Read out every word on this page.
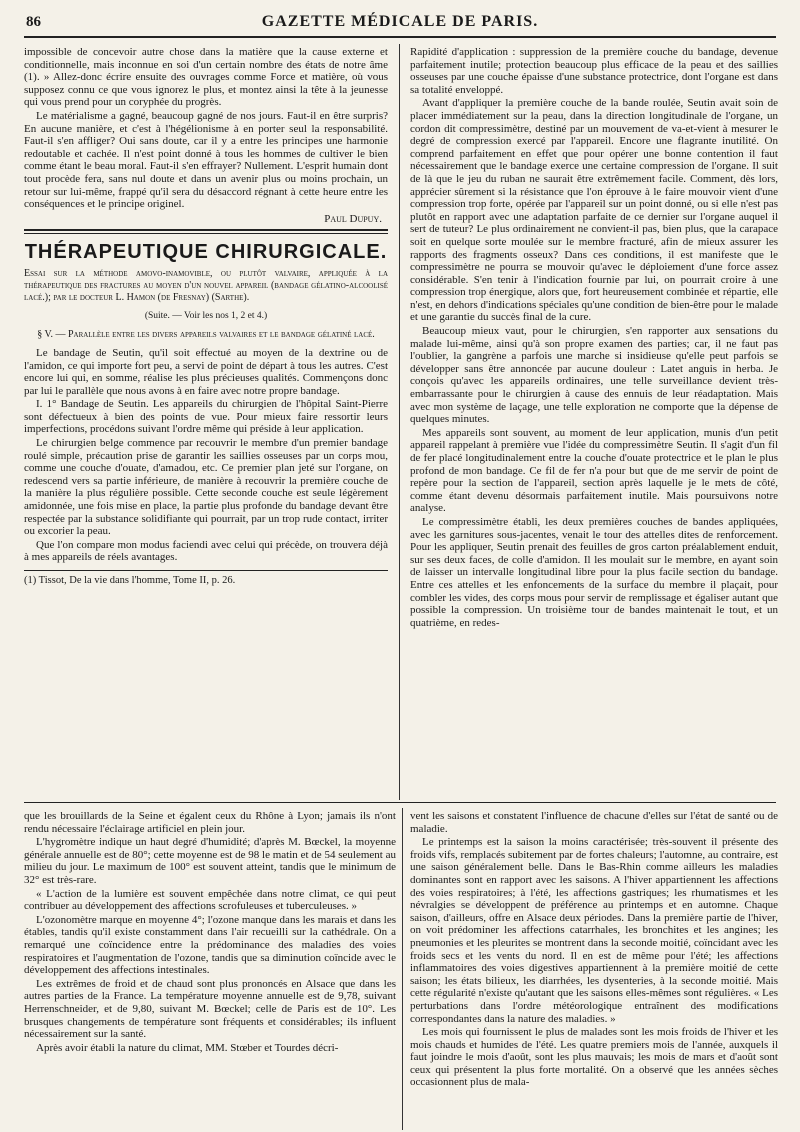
86	GAZETTE MÉDICALE DE PARIS.

impossible de concevoir autre chose dans la matière que la cause externe et conditionnelle, mais inconnue en soi d'un certain nombre des états de notre âme (1). » Allez-donc écrire ensuite des ouvrages comme Force et matière, où vous supposez connu ce que vous ignorez le plus, et montez ainsi la tête à la jeunesse qui vous prend pour un coryphée du progrès.

Le matérialisme a gagné, beaucoup gagné de nos jours. Faut-il en être surpris? En aucune manière, et c'est à l'hégélionisme à en porter seul la responsabilité. Faut-il s'en affliger? Oui sans doute, car il y a entre les principes une harmonie redoutable et cachée. Il n'est point donné à tous les hommes de cultiver le bien comme étant le beau moral. Faut-il s'en effrayer? Nullement. L'esprit humain dont tout procède fera, sans nul doute et dans un avenir plus ou moins prochain, un retour sur lui-même, frappé qu'il sera du désaccord régnant à cette heure entre les conséquences et le principe originel.

Paul Dupuy.
THÉRAPEUTIQUE CHIRURGICALE.
Essai sur la méthode amovo-inamovible, ou plutôt valvaire, appliquée à la thérapeutique des fractures au moyen d'un nouvel appareil (bandage gélatino-alcoolisé lacé.); par le docteur L. Hamon (de Fresnay) (Sarthe).
(Suite. — Voir les nos 1, 2 et 4.)
§ V. — Parallèle entre les divers appareils valvaires et le bandage gélatiné lacé.

Le bandage de Seutin, qu'il soit effectué au moyen de la dextrine ou de l'amidon, ce qui importe fort peu, a servi de point de départ à tous les autres. C'est encore lui qui, en somme, réalise les plus précieuses qualités. Commençons donc par lui le parallèle que nous avons à en faire avec notre propre bandage.

I. 1° Bandage de Seutin. Les appareils du chirurgien de l'hôpital Saint-Pierre sont défectueux à bien des points de vue. Pour mieux faire ressortir leurs imperfections, procédons suivant l'ordre même qui préside à leur application.

Le chirurgien belge commence par recouvrir le membre d'un premier bandage roulé simple, précaution prise de garantir les saillies osseuses par un corps mou, comme une couche d'ouate, d'amadou, etc. Ce premier plan jeté sur l'organe, on redescend vers sa partie inférieure, de manière à recouvrir la première couche de la manière la plus régulière possible. Cette seconde couche est seule légèrement amidonnée, une fois mise en place, la partie plus profonde du bandage devant être respectée par la substance solidifiante qui pourrait, par un trop rude contact, irriter ou excorier la peau.

Que l'on compare mon modus faciendi avec celui qui précède, on trouvera déjà à mes appareils de réels avantages.

(1) Tissot, De la vie dans l'homme, Tome II, p. 26.

Rapidité d'application : suppression de la première couche du bandage, devenue parfaitement inutile; protection beaucoup plus efficace de la peau et des saillies osseuses par une couche épaisse d'une substance protectrice, dont l'organe est dans sa totalité enveloppé.

Avant d'appliquer la première couche de la bande roulée, Seutin avait soin de placer immédiatement sur la peau, dans la direction longitudinale de l'organe, un cordon dit compressimètre, destiné par un mouvement de va-et-vient à mesurer le degré de compression exercé par l'appareil. Encore une flagrante inutilité. On comprend parfaitement en effet que pour opérer une bonne contention il faut nécessairement que le bandage exerce une certaine compression de l'organe. Il suit de là que le jeu du ruban ne saurait être extrêmement facile. Comment, dès lors, apprécier sûrement si la résistance que l'on éprouve à le faire mouvoir vient d'une compression trop forte, opérée par l'appareil sur un point donné, ou si elle n'est pas plutôt en rapport avec une adaptation parfaite de ce dernier sur l'organe auquel il sert de tuteur? Le plus ordinairement ne convient-il pas, bien plus, que la carapace soit en quelque sorte moulée sur le membre fracturé, afin de mieux assurer les rapports des fragments osseux? Dans ces conditions, il est manifeste que le compressimètre ne pourra se mouvoir qu'avec le déploiement d'une force assez considérable. S'en tenir à l'indication fournie par lui, on pourrait croire à une compression trop énergique, alors que, fort heureusement combinée et répartie, elle n'est, en dehors d'indications spéciales qu'une condition de bien-être pour le malade et une garantie du succès final de la cure.

Beaucoup mieux vaut, pour le chirurgien, s'en rapporter aux sensations du malade lui-même, ainsi qu'à son propre examen des parties; car, il ne faut pas l'oublier, la gangrène a parfois une marche si insidieuse qu'elle peut parfois se développer sans être annoncée par aucune douleur : Latet anguis in herba. Je conçois qu'avec les appareils ordinaires, une telle surveillance devient très-embarrassante pour le chirurgien à cause des ennuis de leur réadaptation. Mais avec mon système de laçage, une telle exploration ne comporte que la dépense de quelques minutes.

Mes appareils sont souvent, au moment de leur application, munis d'un petit appareil rappelant à première vue l'idée du compressimètre Seutin. Il s'agit d'un fil de fer placé longitudinalement entre la couche d'ouate protectrice et le plan le plus profond de mon bandage. Ce fil de fer n'a pour but que de me servir de point de repère pour la section de l'appareil, section après laquelle je le mets de côté, comme étant devenu désormais parfaitement inutile. Mais poursuivons notre analyse.

Le compressimètre établi, les deux premières couches de bandes appliquées, avec les garnitures sous-jacentes, venait le tour des attelles dites de renforcement. Pour les appliquer, Seutin prenait des feuilles de gros carton préalablement enduit, sur ses deux faces, de colle d'amidon. Il les moulait sur le membre, en ayant soin de laisser un intervalle longitudinal libre pour la plus facile section du bandage. Entre ces attelles et les enfoncements de la surface du membre il plaçait, pour combler les vides, des corps mous pour servir de remplissage et égaliser autant que possible la compression. Un troisième tour de bandes maintenait le tout, et un quatrième, en redes-

que les brouillards de la Seine et égalent ceux du Rhône à Lyon; jamais ils n'ont rendu nécessaire l'éclairage artificiel en plein jour.

L'hygromètre indique un haut degré d'humidité; d'après M. Bœckel, la moyenne générale annuelle est de 80°; cette moyenne est de 98 le matin et de 54 seulement au milieu du jour. Le maximum de 100° est souvent atteint, tandis que le minimum de 32° est très-rare.

« L'action de la lumière est souvent empêchée dans notre climat, ce qui peut contribuer au développement des affections scrofuleuses et tuberculeuses. »

L'ozonomètre marque en moyenne 4°; l'ozone manque dans les marais et dans les étables, tandis qu'il existe constamment dans l'air recueilli sur la cathédrale. On a remarqué une coïncidence entre la prédominance des maladies des voies respiratoires et l'augmentation de l'ozone, tandis que sa diminution coïncide avec le développement des affections intestinales.

Les extrêmes de froid et de chaud sont plus prononcés en Alsace que dans les autres parties de la France. La température moyenne annuelle est de 9,78, suivant Herrenschneider, et de 9,80, suivant M. Bœckel; celle de Paris est de 10°. Les brusques changements de température sont fréquents et considérables; ils influent nécessairement sur la santé.

Après avoir établi la nature du climat, MM. Stœber et Tourdes décri-

vent les saisons et constatent l'influence de chacune d'elles sur l'état de santé ou de maladie.

Le printemps est la saison la moins caractérisée; très-souvent il présente des froids vifs, remplacés subitement par de fortes chaleurs; l'automne, au contraire, est une saison généralement belle. Dans le Bas-Rhin comme ailleurs les maladies dominantes sont en rapport avec les saisons. A l'hiver appartiennent les affections des voies respiratoires; à l'été, les affections gastriques; les rhumatismes et les névralgies se développent de préférence au printemps et en automne. Chaque saison, d'ailleurs, offre en Alsace deux périodes. Dans la première partie de l'hiver, on voit prédominer les affections catarrhales, les bronchites et les angines; les pneumonies et les pleurites se montrent dans la seconde moitié, coïncidant avec les froids secs et les vents du nord. Il en est de même pour l'été; les affections inflammatoires des voies digestives appartiennent à la première moitié de cette saison; les états bilieux, les diarrhées, les dysenteries, à la seconde moitié. Mais cette régularité n'existe qu'autant que les saisons elles-mêmes sont régulières. « Les perturbations dans l'ordre météorologique entraînent des modifications correspondantes dans la nature des maladies. »

Les mois qui fournissent le plus de malades sont les mois froids de l'hiver et les mois chauds et humides de l'été. Les quatre premiers mois de l'année, auxquels il faut joindre le mois d'août, sont les plus mauvais; les mois de mars et d'août sont ceux qui présentent la plus forte mortalité. On a observé que les années sèches occasionnent plus de mala-
